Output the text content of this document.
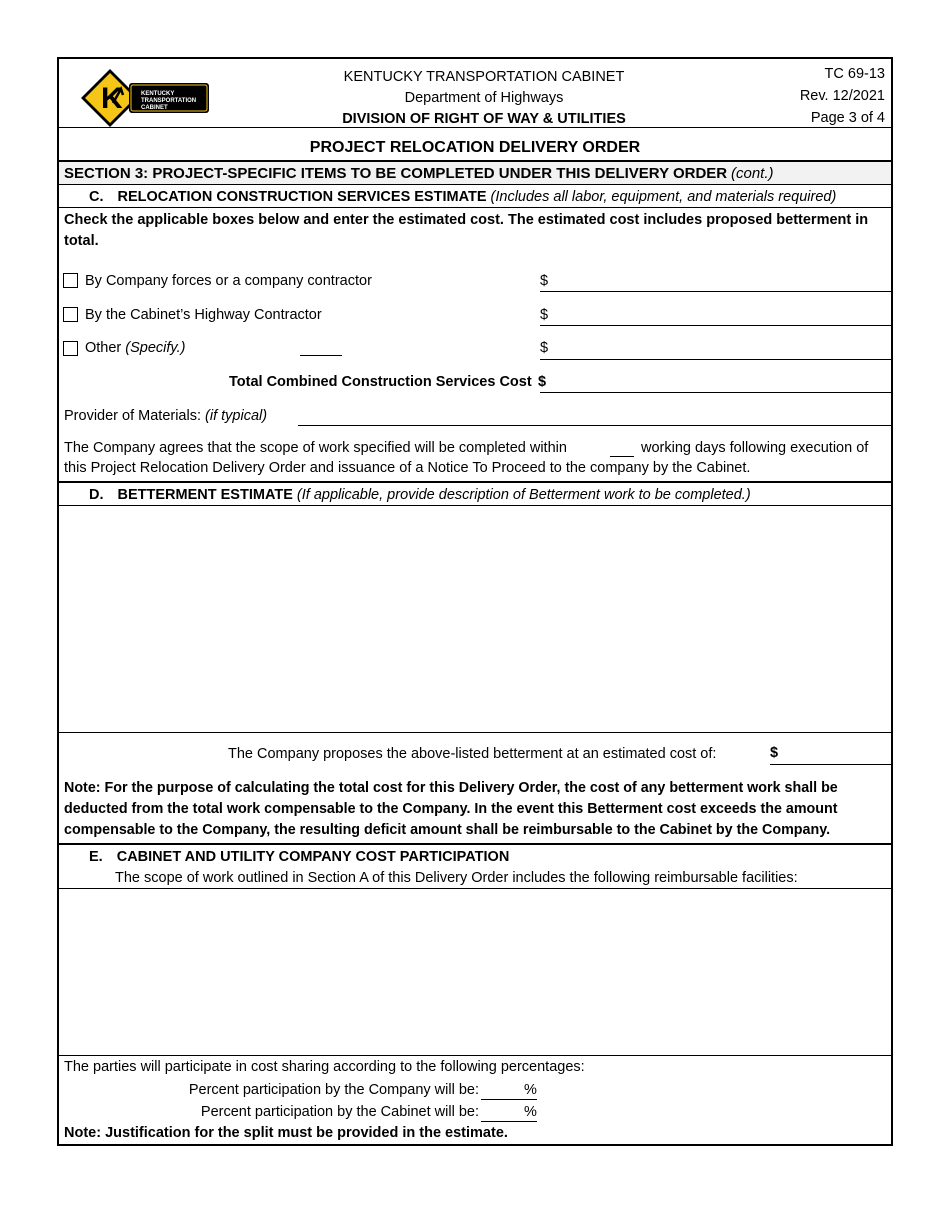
K	KENTUCKY
TRANSPORTATION
CABINET
KENTUCKY TRANSPORTATION CABINET
Department of Highways
DIVISION OF RIGHT OF WAY & UTILITIES
TC 69-13
Rev. 12/2021
Page 3 of 4
PROJECT RELOCATION DELIVERY ORDER
SECTION 3: PROJECT-SPECIFIC ITEMS TO BE COMPLETED UNDER THIS DELIVERY ORDER (cont.)
C. RELOCATION CONSTRUCTION SERVICES ESTIMATE (Includes all labor, equipment, and materials required)
Check the applicable boxes below and enter the estimated cost. The estimated cost includes proposed betterment in total.
By Company forces or a company contractor	$
By the Cabinet’s Highway Contractor	$
Other (Specify.)	$
Total Combined Construction Services Cost $
Provider of Materials: (if typical)
The Company agrees that the scope of work specified will be completed within	working days following execution of
this Project Relocation Delivery Order and issuance of a Notice To Proceed to the company by the Cabinet.
D. BETTERMENT ESTIMATE (If applicable, provide description of Betterment work to be completed.)
The Company proposes the above-listed betterment at an estimated cost of:	$
Note: For the purpose of calculating the total cost for this Delivery Order, the cost of any betterment work shall be deducted from the total work compensable to the Company. In the event this Betterment cost exceeds the amount compensable to the Company, the resulting deficit amount shall be reimbursable to the Cabinet by the Company.
E. CABINET AND UTILITY COMPANY COST PARTICIPATION
The scope of work outlined in Section A of this Delivery Order includes the following reimbursable facilities:
The parties will participate in cost sharing according to the following percentages:
Percent participation by the Company will be:	%
Percent participation by the Cabinet will be:	%
Note: Justification for the split must be provided in the estimate.
